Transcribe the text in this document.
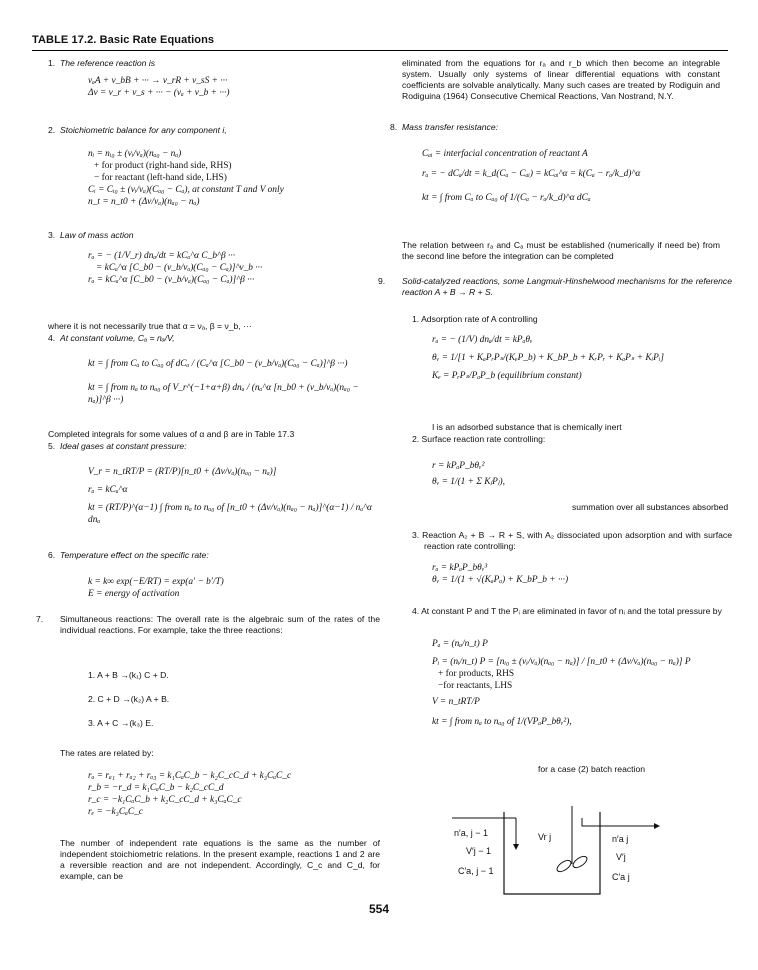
TABLE 17.2. Basic Rate Equations
1. The reference reaction is
νₐA + ν_bB + ··· → ν_rR + ν_sS + ···
Δν = ν_r + ν_s + ··· − (νₐ + ν_b + ···)
2. Stoichiometric balance for any component i,
nᵢ = nᵢ₀ ± (νᵢ/νₐ)(nₐ₀ − nₐ)
+ for product (right-hand side, RHS)
− for reactant (left-hand side, LHS)
Cᵢ = Cᵢ₀ ± (νᵢ/νₐ)(Cₐ₀ − Cₐ), at constant T and V only
n_t = n_t0 + (Δν/νₐ)(nₐ₀ − nₐ)
3. Law of mass action
rₐ = − (1/V_r) dnₐ/dt = kCₐ^α C_b^β ···
= kCₐ^α [C_b0 − (ν_b/νₐ)(Cₐ₀ − Cₐ)]^ν_b ···
rₐ = kCₐ^α [C_b0 − (ν_b/νₐ)(Cₐ₀ − Cₐ)]^β ···
where it is not necessarily true that α = νₐ, β = ν_b, ···
4. At constant volume, Cₐ = nₐ/V,
kt = ∫ from Cₐ to Cₐ₀ of dCₐ / (Cₐ^α [C_b0 − (ν_b/νₐ)(Cₐ₀ − Cₐ)]^β ···)
kt = ∫ from nₐ to nₐ₀ of V_r^(−1+α+β) dnₐ / (nₐ^α [n_b0 + (ν_b/νₐ)(nₐ₀ − nₐ)]^β ···)
Completed integrals for some values of α and β are in Table 17.3
5. Ideal gases at constant pressure:
V_r = n_tRT/P = (RT/P)[n_t0 + (Δν/νₐ)(nₐ₀ − nₐ)]
rₐ = kCₐ^α
kt = (RT/P)^(α−1) ∫ from nₐ to nₐ₀ of [n_t0 + (Δν/νₐ)(nₐ₀ − nₐ)]^(α−1) / nₐ^α dnₐ
6. Temperature effect on the specific rate:
k = k∞ exp(−E/RT) = exp(a′ − b′/T)
E = energy of activation
7. Simultaneous reactions: The overall rate is the algebraic sum of the rates of the individual reactions. For example, take the three reactions:
1. A + B →(k₁) C + D.
2. C + D →(k₂) A + B.
3. A + C →(k₃) E.
The rates are related by:
rₐ = rₐ₁ + rₐ₂ + rₐ₃ = k₁CₐC_b − k₂C_cC_d + k₃CₐC_c
r_b = −r_d = k₁CₐC_b − k₂C_cC_d
r_c = −k₁CₐC_b + k₂C_cC_d + k₃CₐC_c
rₑ = −k₃CₐC_c
The number of independent rate equations is the same as the number of independent stoichiometric relations. In the present example, reactions 1 and 2 are a reversible reaction and are not independent. Accordingly, C_c and C_d, for example, can be
eliminated from the equations for rₐ and r_b which then become an integrable system. Usually only systems of linear differential equations with constant coefficients are solvable analytically. Many such cases are treated by Rodiguin and Rodiguina (1964) Consecutive Chemical Reactions, Van Nostrand, N.Y.
8. Mass transfer resistance:
Cₐᵢ = interfacial concentration of reactant A
rₐ = − dCₐ/dt = k_d(Cₐ − Cₐᵢ) = kCₐᵢ^α = k(Cₐ − rₐ/k_d)^α
kt = ∫ from Cₐ to Cₐ₀ of 1/(Cₐ − rₐ/k_d)^α dCₐ
The relation between rₐ and Cₐ must be established (numerically if need be) from the second line before the integration can be completed
9. Solid-catalyzed reactions, some Langmuir-Hinshelwood mechanisms for the reference reaction A + B → R + S.
1. Adsorption rate of A controlling
rₐ = − (1/V) dnₐ/dt = kPₐθᵥ
θᵥ = 1/[1 + KₐPᵣPₛ/(KₑP_b) + K_bP_b + KᵣPᵣ + KₐPₛ + KᵢPᵢ]
Kₑ = PᵣPₛ/PₐP_b (equilibrium constant)
I is an adsorbed substance that is chemically inert
2. Surface reaction rate controlling:
r = kPₐP_bθᵥ²
θᵥ = 1/(1 + Σ KⱼPⱼ),
summation over all substances absorbed
3. Reaction A₂ + B → R + S, with A₂ dissociated upon adsorption and with surface reaction rate controlling:
rₐ = kPₐP_bθᵥ³
θᵥ = 1/(1 + √(KₐPₐ) + K_bP_b + ···)
4. At constant P and T the Pᵢ are eliminated in favor of nᵢ and the total pressure by
Pₐ = (nₐ/n_t) P
Pᵢ = (nᵢ/n_t) P = [nᵢ₀ ± (νᵢ/νₐ)(nₐ₀ − nₐ)] / [n_t0 + (Δν/νₐ)(nₐ₀ − nₐ)] P
+ for products, RHS
−for reactants, LHS
V = n_tRT/P
kt = ∫ from nₐ to nₐ₀ of 1/(VPₐP_bθᵥ²),
for a case (2) batch reaction
n′a, j − 1
V′j − 1
C′a, j − 1
Vr j	n′a j
V′j
C′a j
554
